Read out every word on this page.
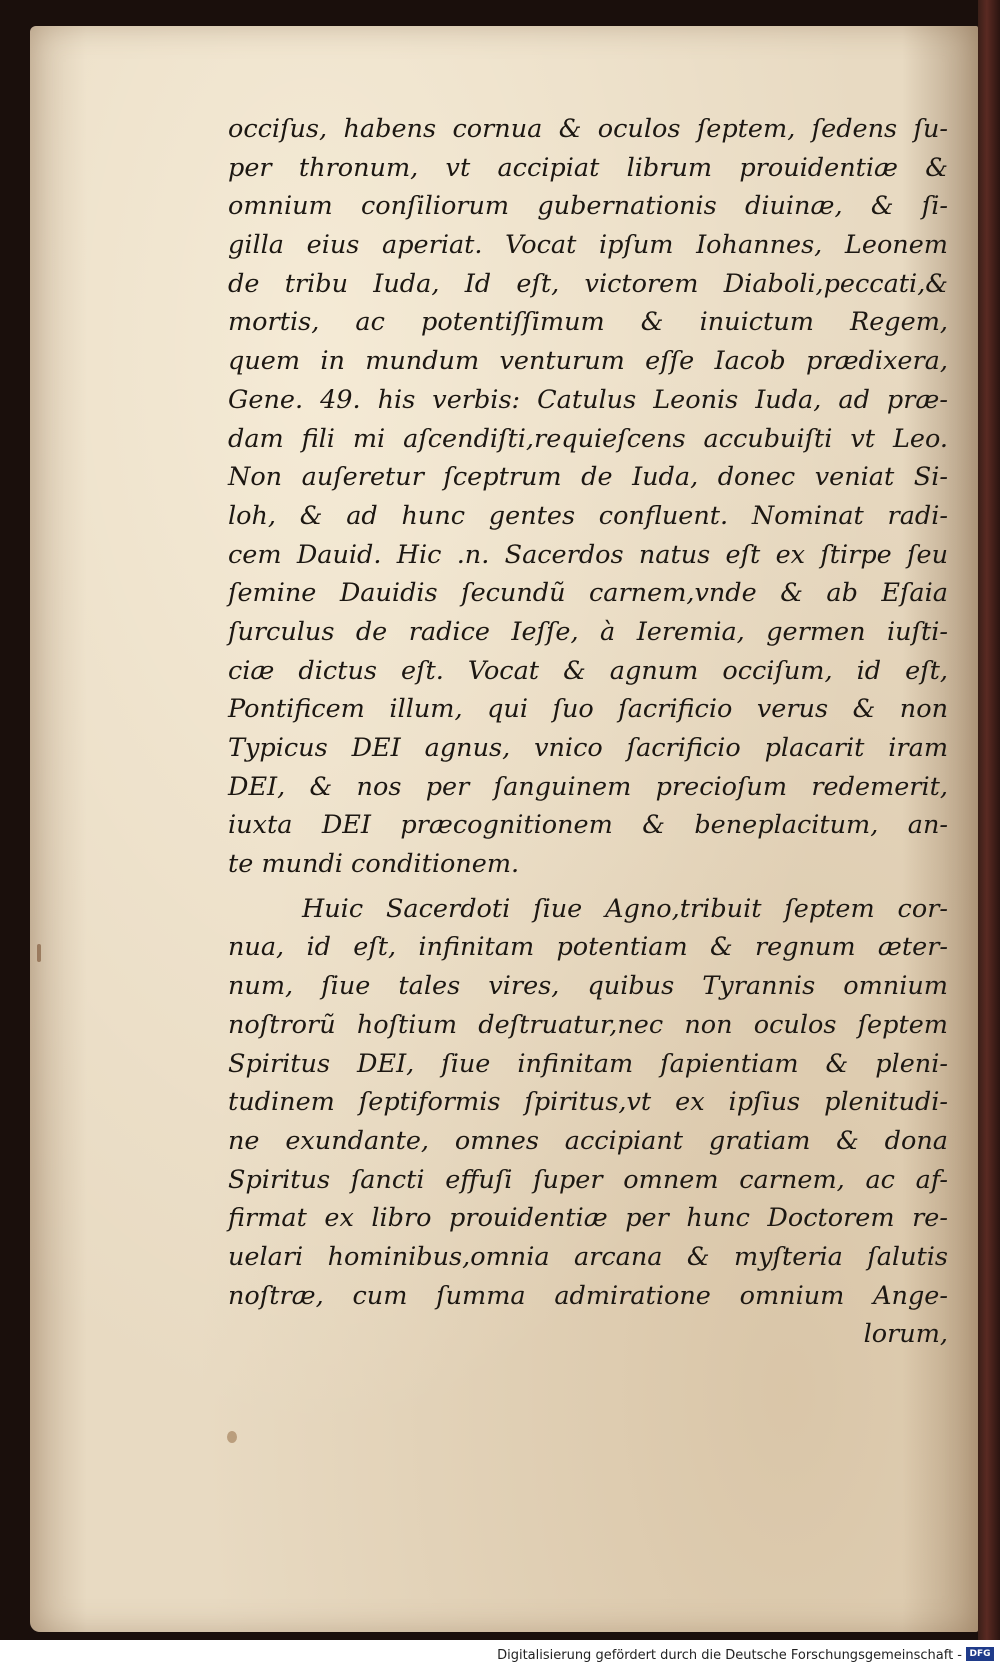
occiſus, habens cornua & oculos ſeptem, ſedens ſu-
per thronum, vt accipiat librum prouidentiæ &
omnium conſiliorum gubernationis diuinæ, & ſi-
gilla eius aperiat. Vocat ipſum Iohannes, Leonem
de tribu Iuda, Id eſt, victorem Diaboli,peccati,&
mortis, ac potentiſſimum & inuictum Regem,
quem in mundum venturum eſſe Iacob prædixera,
Gene. 49. his verbis: Catulus Leonis Iuda, ad præ-
dam fili mi aſcendiſti,requieſcens accubuiſti vt Leo.
Non auſeretur ſceptrum de Iuda, donec veniat Si-
loh, & ad hunc gentes confluent. Nominat radi-
cem Dauid. Hic .n. Sacerdos natus eſt ex ſtirpe ſeu
ſemine Dauidis ſecundũ carnem,vnde & ab Eſaia
ſurculus de radice Ieſſe, à Ieremia, germen iuſti-
ciæ dictus eſt. Vocat & agnum occiſum, id eſt,
Pontificem illum, qui ſuo ſacrificio verus & non
Typicus DEI agnus, vnico ſacrificio placarit iram
DEI, & nos per ſanguinem precioſum redemerit,
iuxta DEI præcognitionem & beneplacitum, an-
te mundi conditionem.
Huic Sacerdoti ſiue Agno,tribuit ſeptem cor-
nua, id eſt, infinitam potentiam & regnum æter-
num, ſiue tales vires, quibus Tyrannis omnium
noſtrorũ hoſtium deſtruatur,nec non oculos ſeptem
Spiritus DEI, ſiue infinitam ſapientiam & pleni-
tudinem ſeptiformis ſpiritus,vt ex ipſius plenitudi-
ne exundante, omnes accipiant gratiam & dona
Spiritus ſancti effuſi ſuper omnem carnem, ac af-
firmat ex libro prouidentiæ per hunc Doctorem re-
uelari hominibus,omnia arcana & myſteria ſalutis
noſtræ, cum ſumma admiratione omnium Ange-
lorum,
Digitalisierung gefördert durch die Deutsche Forschungsgemeinschaft - DFG
